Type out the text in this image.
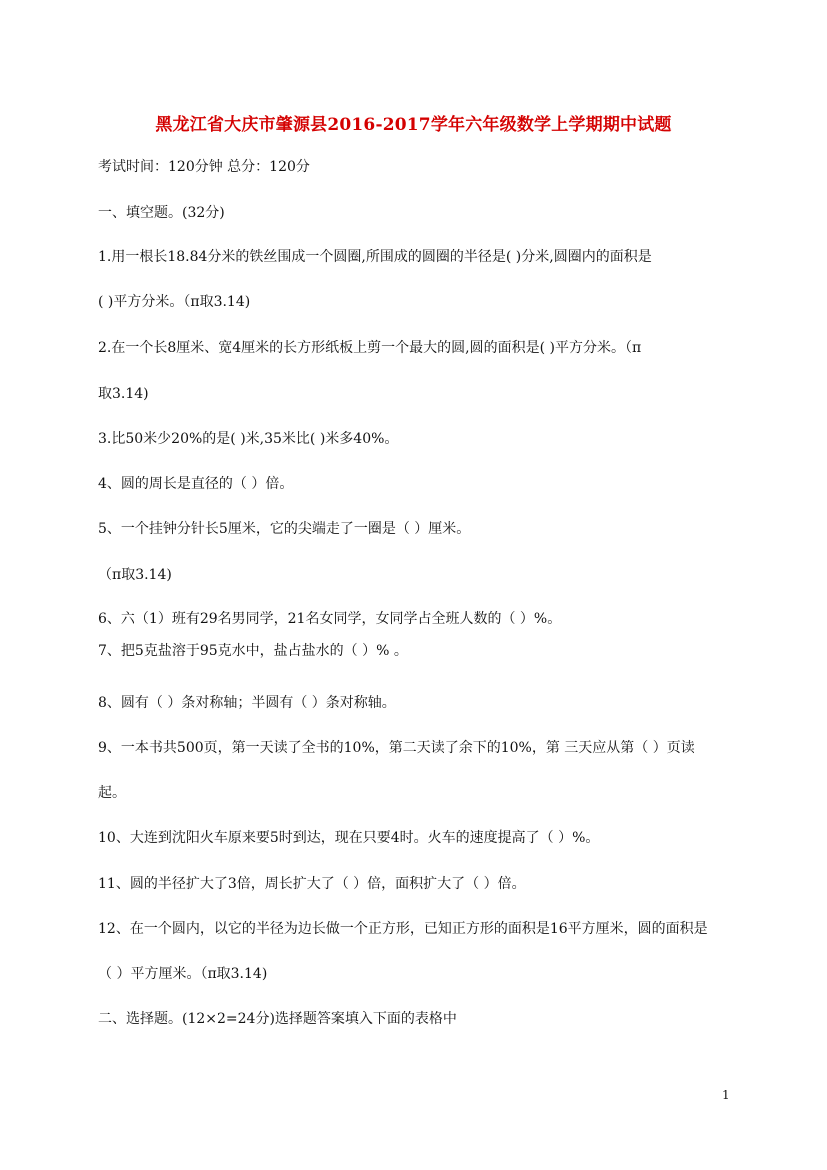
黑龙江省大庆市肇源县2016-2017学年六年级数学上学期期中试题
考试时间：120分钟 总分：120分
一、填空题。(32分)
1.用一根长18.84分米的铁丝围成一个圆圈,所围成的圆圈的半径是( )分米,圆圈内的面积是
( )平方分米。（π取3.14)
2.在一个长8厘米、宽4厘米的长方形纸板上剪一个最大的圆,圆的面积是( )平方分米。（π
取3.14)
3.比50米少20%的是( )米,35米比( )米多40%。
4、圆的周长是直径的（ ）倍。
5、一个挂钟分针长5厘米，它的尖端走了一圈是（ ）厘米。
（π取3.14)
6、六（1）班有29名男同学，21名女同学，女同学占全班人数的（ ）%。
7、把5克盐溶于95克水中，盐占盐水的（ ）% 。
8、圆有（ ）条对称轴；半圆有（ ）条对称轴。
9、一本书共500页，第一天读了全书的10%，第二天读了余下的10%，第 三天应从第（ ）页读
起。
10、大连到沈阳火车原来要5时到达，现在只要4时。火车的速度提高了（ ）%。
11、圆的半径扩大了3倍，周长扩大了（ ）倍，面积扩大了（ ）倍。
12、在一个圆内，以它的半径为边长做一个正方形，已知正方形的面积是16平方厘米，圆的面积是
（ ）平方厘米。（π取3.14)
二、选择题。(12×2=24分)选择题答案填入下面的表格中
1
